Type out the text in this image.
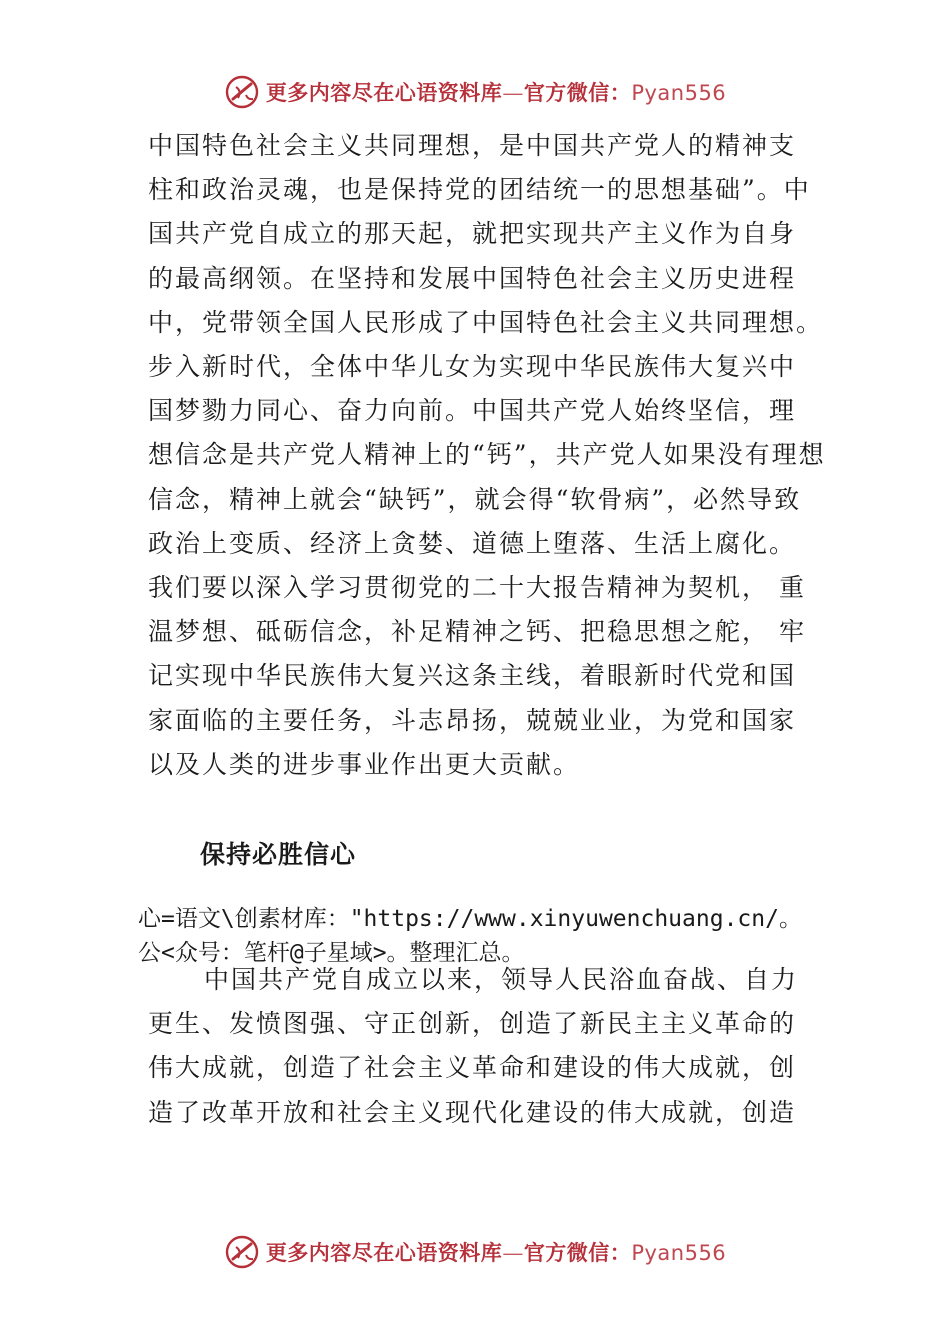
更多内容尽在心语资料库—官方微信：Pyan556

中国特色社会主义共同理想，是中国共产党人的精神支
柱和政治灵魂，也是保持党的团结统一的思想基础”。中
国共产党自成立的那天起，就把实现共产主义作为自身
的最高纲领。在坚持和发展中国特色社会主义历史进程
中，党带领全国人民形成了中国特色社会主义共同理想。
步入新时代，全体中华儿女为实现中华民族伟大复兴中
国梦勠力同心、奋力向前。中国共产党人始终坚信，理
想信念是共产党人精神上的“钙”，共产党人如果没有理想
信念，精神上就会“缺钙”，就会得“软骨病”，必然导致
政治上变质、经济上贪婪、道德上堕落、生活上腐化。
我们要以深入学习贯彻党的二十大报告精神为契机， 重
温梦想、砥砺信念，补足精神之钙、把稳思想之舵， 牢
记实现中华民族伟大复兴这条主线，着眼新时代党和国
家面临的主要任务，斗志昂扬，兢兢业业，为党和国家
以及人类的进步事业作出更大贡献。

保持必胜信心

心=语文\创素材库："https://www.xinyuwenchuang.cn/。
公<众号：笔杆@子星域>。整理汇总。

中国共产党自成立以来，领导人民浴血奋战、自力
更生、发愤图强、守正创新，创造了新民主主义革命的
伟大成就，创造了社会主义革命和建设的伟大成就，创
造了改革开放和社会主义现代化建设的伟大成就，创造

更多内容尽在心语资料库—官方微信：Pyan556
